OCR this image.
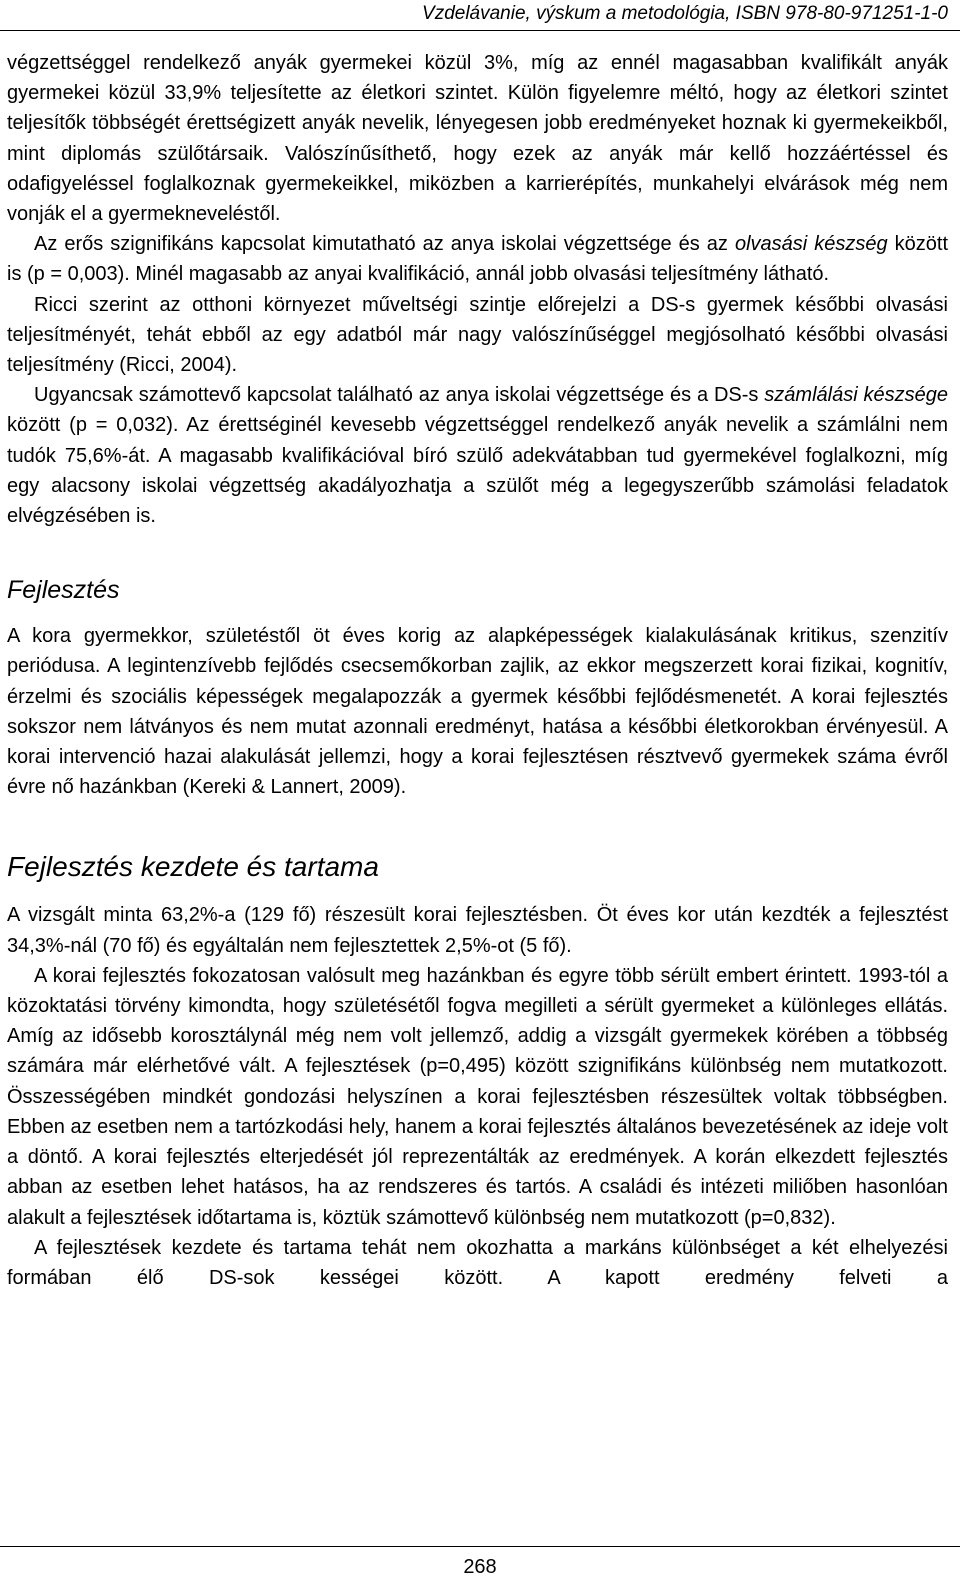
Vzdelávanie, výskum a metodológia, ISBN 978-80-971251-1-0

végzettséggel rendelkező anyák gyermekei közül 3%, míg az ennél magasabban kvalifikált anyák gyermekei közül 33,9% teljesítette az életkori szintet. Külön figyelemre méltó, hogy az életkori szintet teljesítők többségét érettségizett anyák nevelik, lényegesen jobb eredményeket hoznak ki gyermekeikből, mint diplomás szülőtársaik. Valószínűsíthető, hogy ezek az anyák már kellő hozzáértéssel és odafigyeléssel foglalkoznak gyermekeikkel, miközben a karrierépítés, munkahelyi elvárások még nem vonják el a gyermekneveléstől.

Az erős szignifikáns kapcsolat kimutatható az anya iskolai végzettsége és az olvasási készség között is (p = 0,003). Minél magasabb az anyai kvalifikáció, annál jobb olvasási teljesítmény látható.

Ricci szerint az otthoni környezet műveltségi szintje előrejelzi a DS-s gyermek későbbi olvasási teljesítményét, tehát ebből az egy adatból már nagy valószínűséggel megjósolható későbbi olvasási teljesítmény (Ricci, 2004).

Ugyancsak számottevő kapcsolat található az anya iskolai végzettsége és a DS-s számlálási készsége között (p = 0,032). Az érettséginél kevesebb végzettséggel rendelkező anyák nevelik a számlálni nem tudók 75,6%-át. A magasabb kvalifikációval bíró szülő adekvátabban tud gyermekével foglalkozni, míg egy alacsony iskolai végzettség akadályozhatja a szülőt még a legegyszerűbb számolási feladatok elvégzésében is.

Fejlesztés

A kora gyermekkor, születéstől öt éves korig az alapképességek kialakulásának kritikus, szenzitív periódusa. A legintenzívebb fejlődés csecsemőkorban zajlik, az ekkor megszerzett korai fizikai, kognitív, érzelmi és szociális képességek megalapozzák a gyermek későbbi fejlődésmenetét. A korai fejlesztés sokszor nem látványos és nem mutat azonnali eredményt, hatása a későbbi életkorokban érvényesül. A korai intervenció hazai alakulását jellemzi, hogy a korai fejlesztésen résztvevő gyermekek száma évről évre nő hazánkban (Kereki & Lannert, 2009).

Fejlesztés kezdete és tartama

A vizsgált minta 63,2%-a (129 fő) részesült korai fejlesztésben. Öt éves kor után kezdték a fejlesztést 34,3%-nál (70 fő) és egyáltalán nem fejlesztettek 2,5%-ot (5 fő).

A korai fejlesztés fokozatosan valósult meg hazánkban és egyre több sérült embert érintett. 1993-tól a közoktatási törvény kimondta, hogy születésétől fogva megilleti a sérült gyermeket a különleges ellátás. Amíg az idősebb korosztálynál még nem volt jellemző, addig a vizsgált gyermekek körében a többség számára már elérhetővé vált. A fejlesztések (p=0,495) között szignifikáns különbség nem mutatkozott. Összességében mindkét gondozási helyszínen a korai fejlesztésben részesültek voltak többségben. Ebben az esetben nem a tartózkodási hely, hanem a korai fejlesztés általános bevezetésének az ideje volt a döntő. A korai fejlesztés elterjedését jól reprezentálták az eredmények. A korán elkezdett fejlesztés abban az esetben lehet hatásos, ha az rendszeres és tartós. A családi és intézeti miliőben hasonlóan alakult a fejlesztések időtartama is, köztük számottevő különbség nem mutatkozott (p=0,832).

A fejlesztések kezdete és tartama tehát nem okozhatta a markáns különbséget a két elhelyezési formában élő DS-sok kességei között. A kapott eredmény felveti a

268
